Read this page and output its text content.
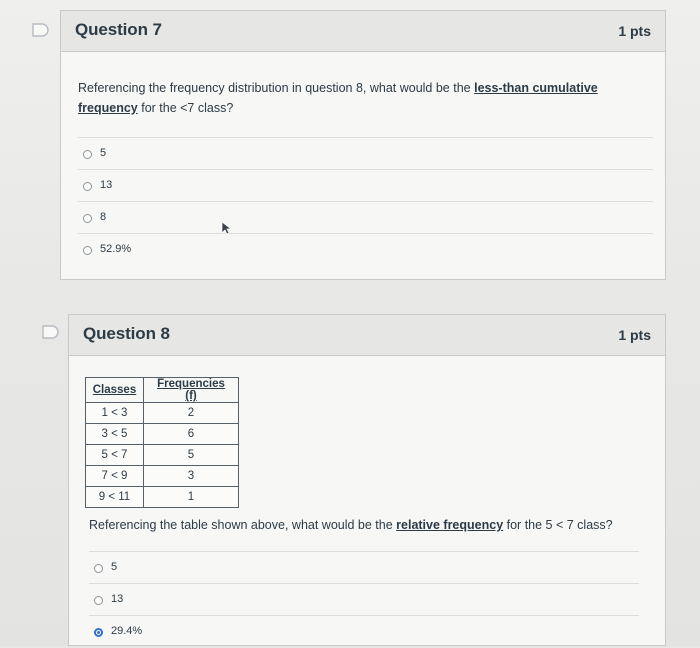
Question 7	1 pts
Referencing the frequency distribution in question 8, what would be the less-than cumulative frequency for the <7 class?
5
13
8
52.9%
Question 8	1 pts
Classes	Frequencies (f)
1 < 3	2
3 < 5	6
5 < 7	5
7 < 9	3
9 < 11	1
Referencing the table shown above, what would be the relative frequency for the 5 < 7 class?
5
13
29.4%
